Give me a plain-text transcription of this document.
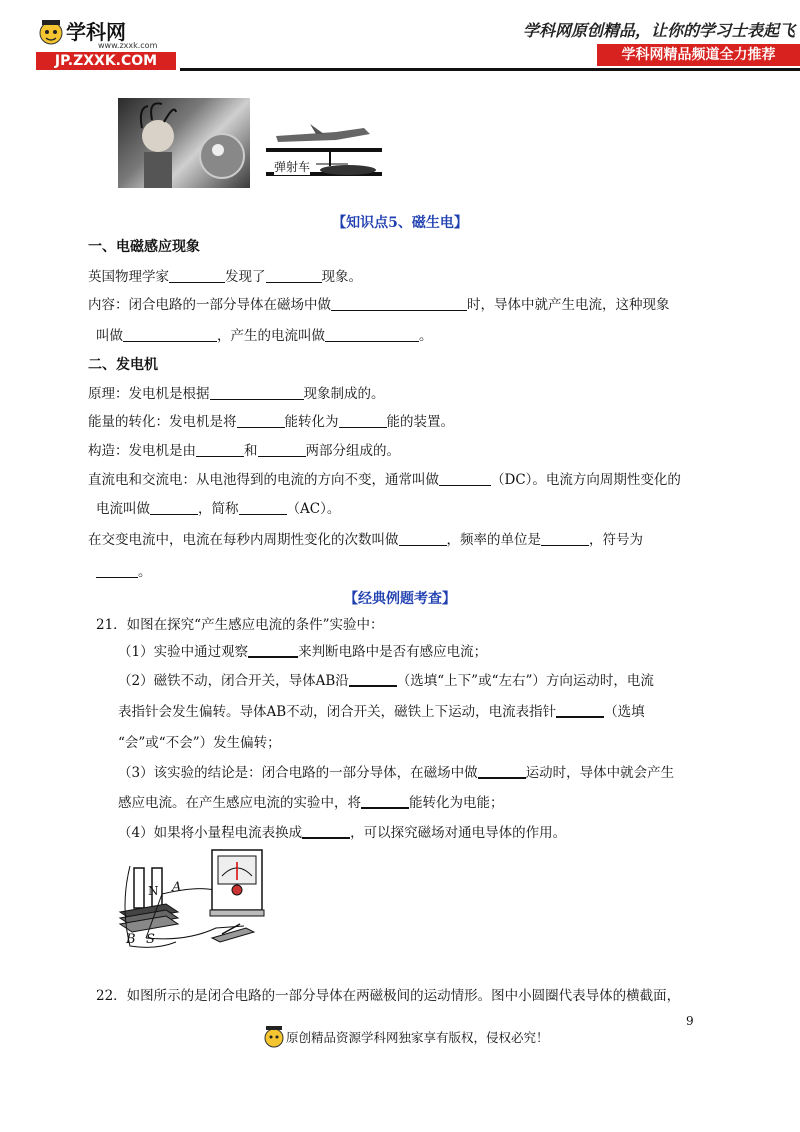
学科网
www.zxxk.com
JP.ZXXK.COM
学科网原创精品，让你的学习士表起飞
学科网精品频道全力推荐
弹射车
【知识点5、磁生电】
一、电磁感应现象
英国物理学家	发现了	现象。
内容：闭合电路的一部分导体在磁场中做	时，导体中就产生电流，这种现象
叫做	，产生的电流叫做	。
二、发电机
原理：发电机是根据	现象制成的。
能量的转化：发电机是将	能转化为	能的装置。
构造：发电机是由	和	两部分组成的。
直流电和交流电：从电池得到的电流的方向不变，通常叫做	（DC）。电流方向周期性变化的
电流叫做	，简称	（AC）。
在交变电流中，电流在每秒内周期性变化的次数叫做	，频率的单位是	，符号为
。
【经典例题考查】
21．如图在探究“产生感应电流的条件”实验中：
（1）实验中通过观察	来判断电路中是否有感应电流；
（2）磁铁不动，闭合开关，导体AB沿	（选填“上下”或“左右”）方向运动时，电流
表指针会发生偏转。导体AB不动，闭合开关，磁铁上下运动，电流表指针	（选填
“会”或“不会”）发生偏转；
（3）该实验的结论是：闭合电路的一部分导体，在磁场中做	运动时，导体中就会产生
感应电流。在产生感应电流的实验中，将	能转化为电能；
（4）如果将小量程电流表换成	，可以探究磁场对通电导体的作用。
N A
B S
22．如图所示的是闭合电路的一部分导体在两磁极间的运动情形。图中小圆圈代表导体的横截面，
9
原创精品资源学科网独家享有版权，侵权必究！
